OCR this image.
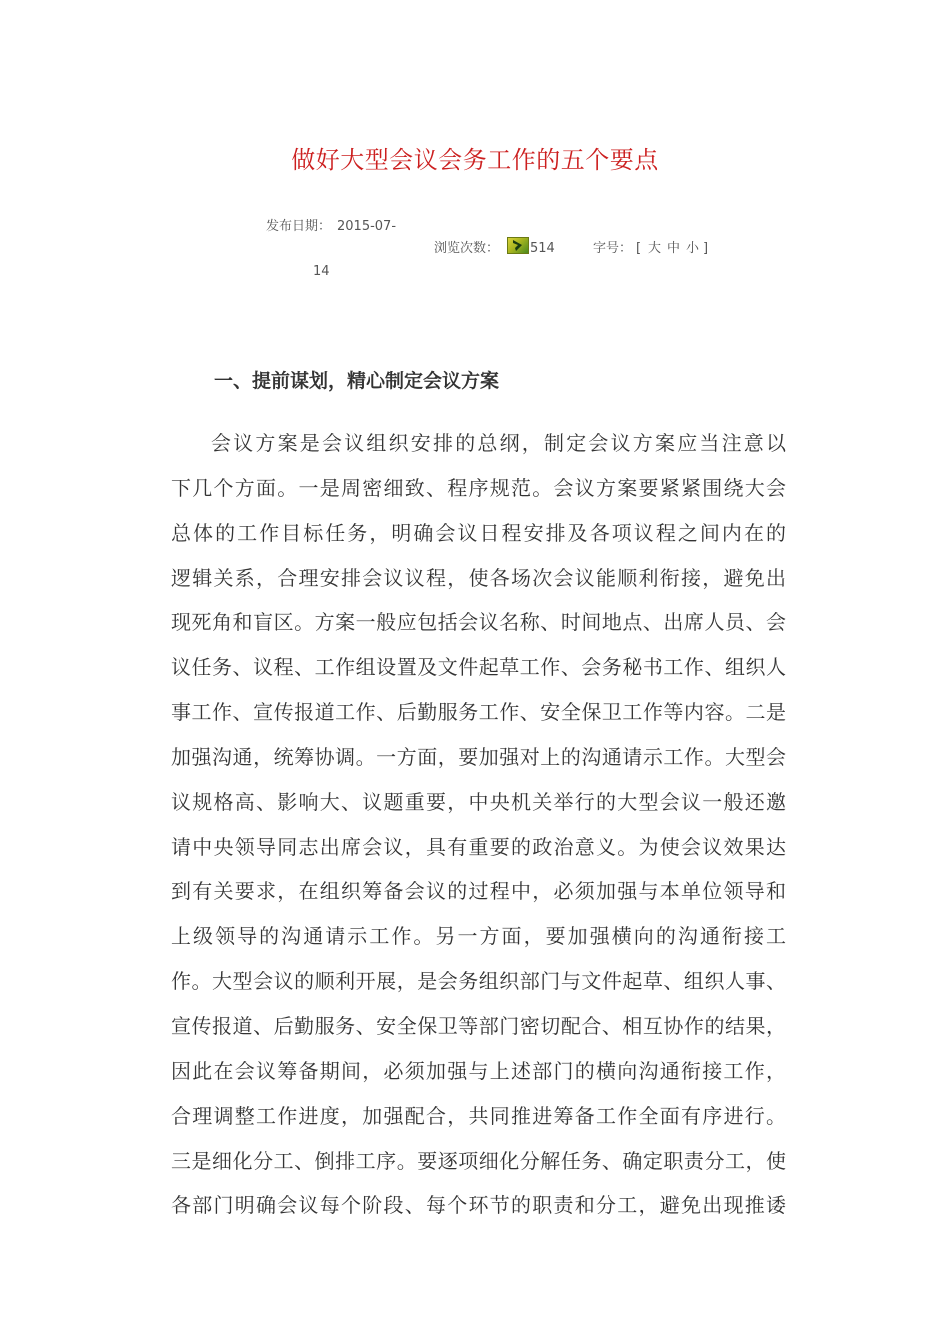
做好大型会议会务工作的五个要点
发布日期： 2015-07-
14
浏览次数： 514	字号： [ 大 中 小 ]
一、提前谋划，精心制定会议方案
会议方案是会议组织安排的总纲，制定会议方案应当注意以
下几个方面。一是周密细致、程序规范。会议方案要紧紧围绕大会
总体的工作目标任务，明确会议日程安排及各项议程之间内在的
逻辑关系，合理安排会议议程，使各场次会议能顺利衔接，避免出
现死角和盲区。方案一般应包括会议名称、时间地点、出席人员、会
议任务、议程、工作组设置及文件起草工作、会务秘书工作、组织人
事工作、宣传报道工作、后勤服务工作、安全保卫工作等内容。二是
加强沟通，统筹协调。一方面，要加强对上的沟通请示工作。大型会
议规格高、影响大、议题重要，中央机关举行的大型会议一般还邀
请中央领导同志出席会议，具有重要的政治意义。为使会议效果达
到有关要求，在组织筹备会议的过程中，必须加强与本单位领导和
上级领导的沟通请示工作。另一方面，要加强横向的沟通衔接工
作。大型会议的顺利开展，是会务组织部门与文件起草、组织人事、
宣传报道、后勤服务、安全保卫等部门密切配合、相互协作的结果，
因此在会议筹备期间，必须加强与上述部门的横向沟通衔接工作，
合理调整工作进度，加强配合，共同推进筹备工作全面有序进行。
三是细化分工、倒排工序。要逐项细化分解任务、确定职责分工，使
各部门明确会议每个阶段、每个环节的职责和分工，避免出现推诿
